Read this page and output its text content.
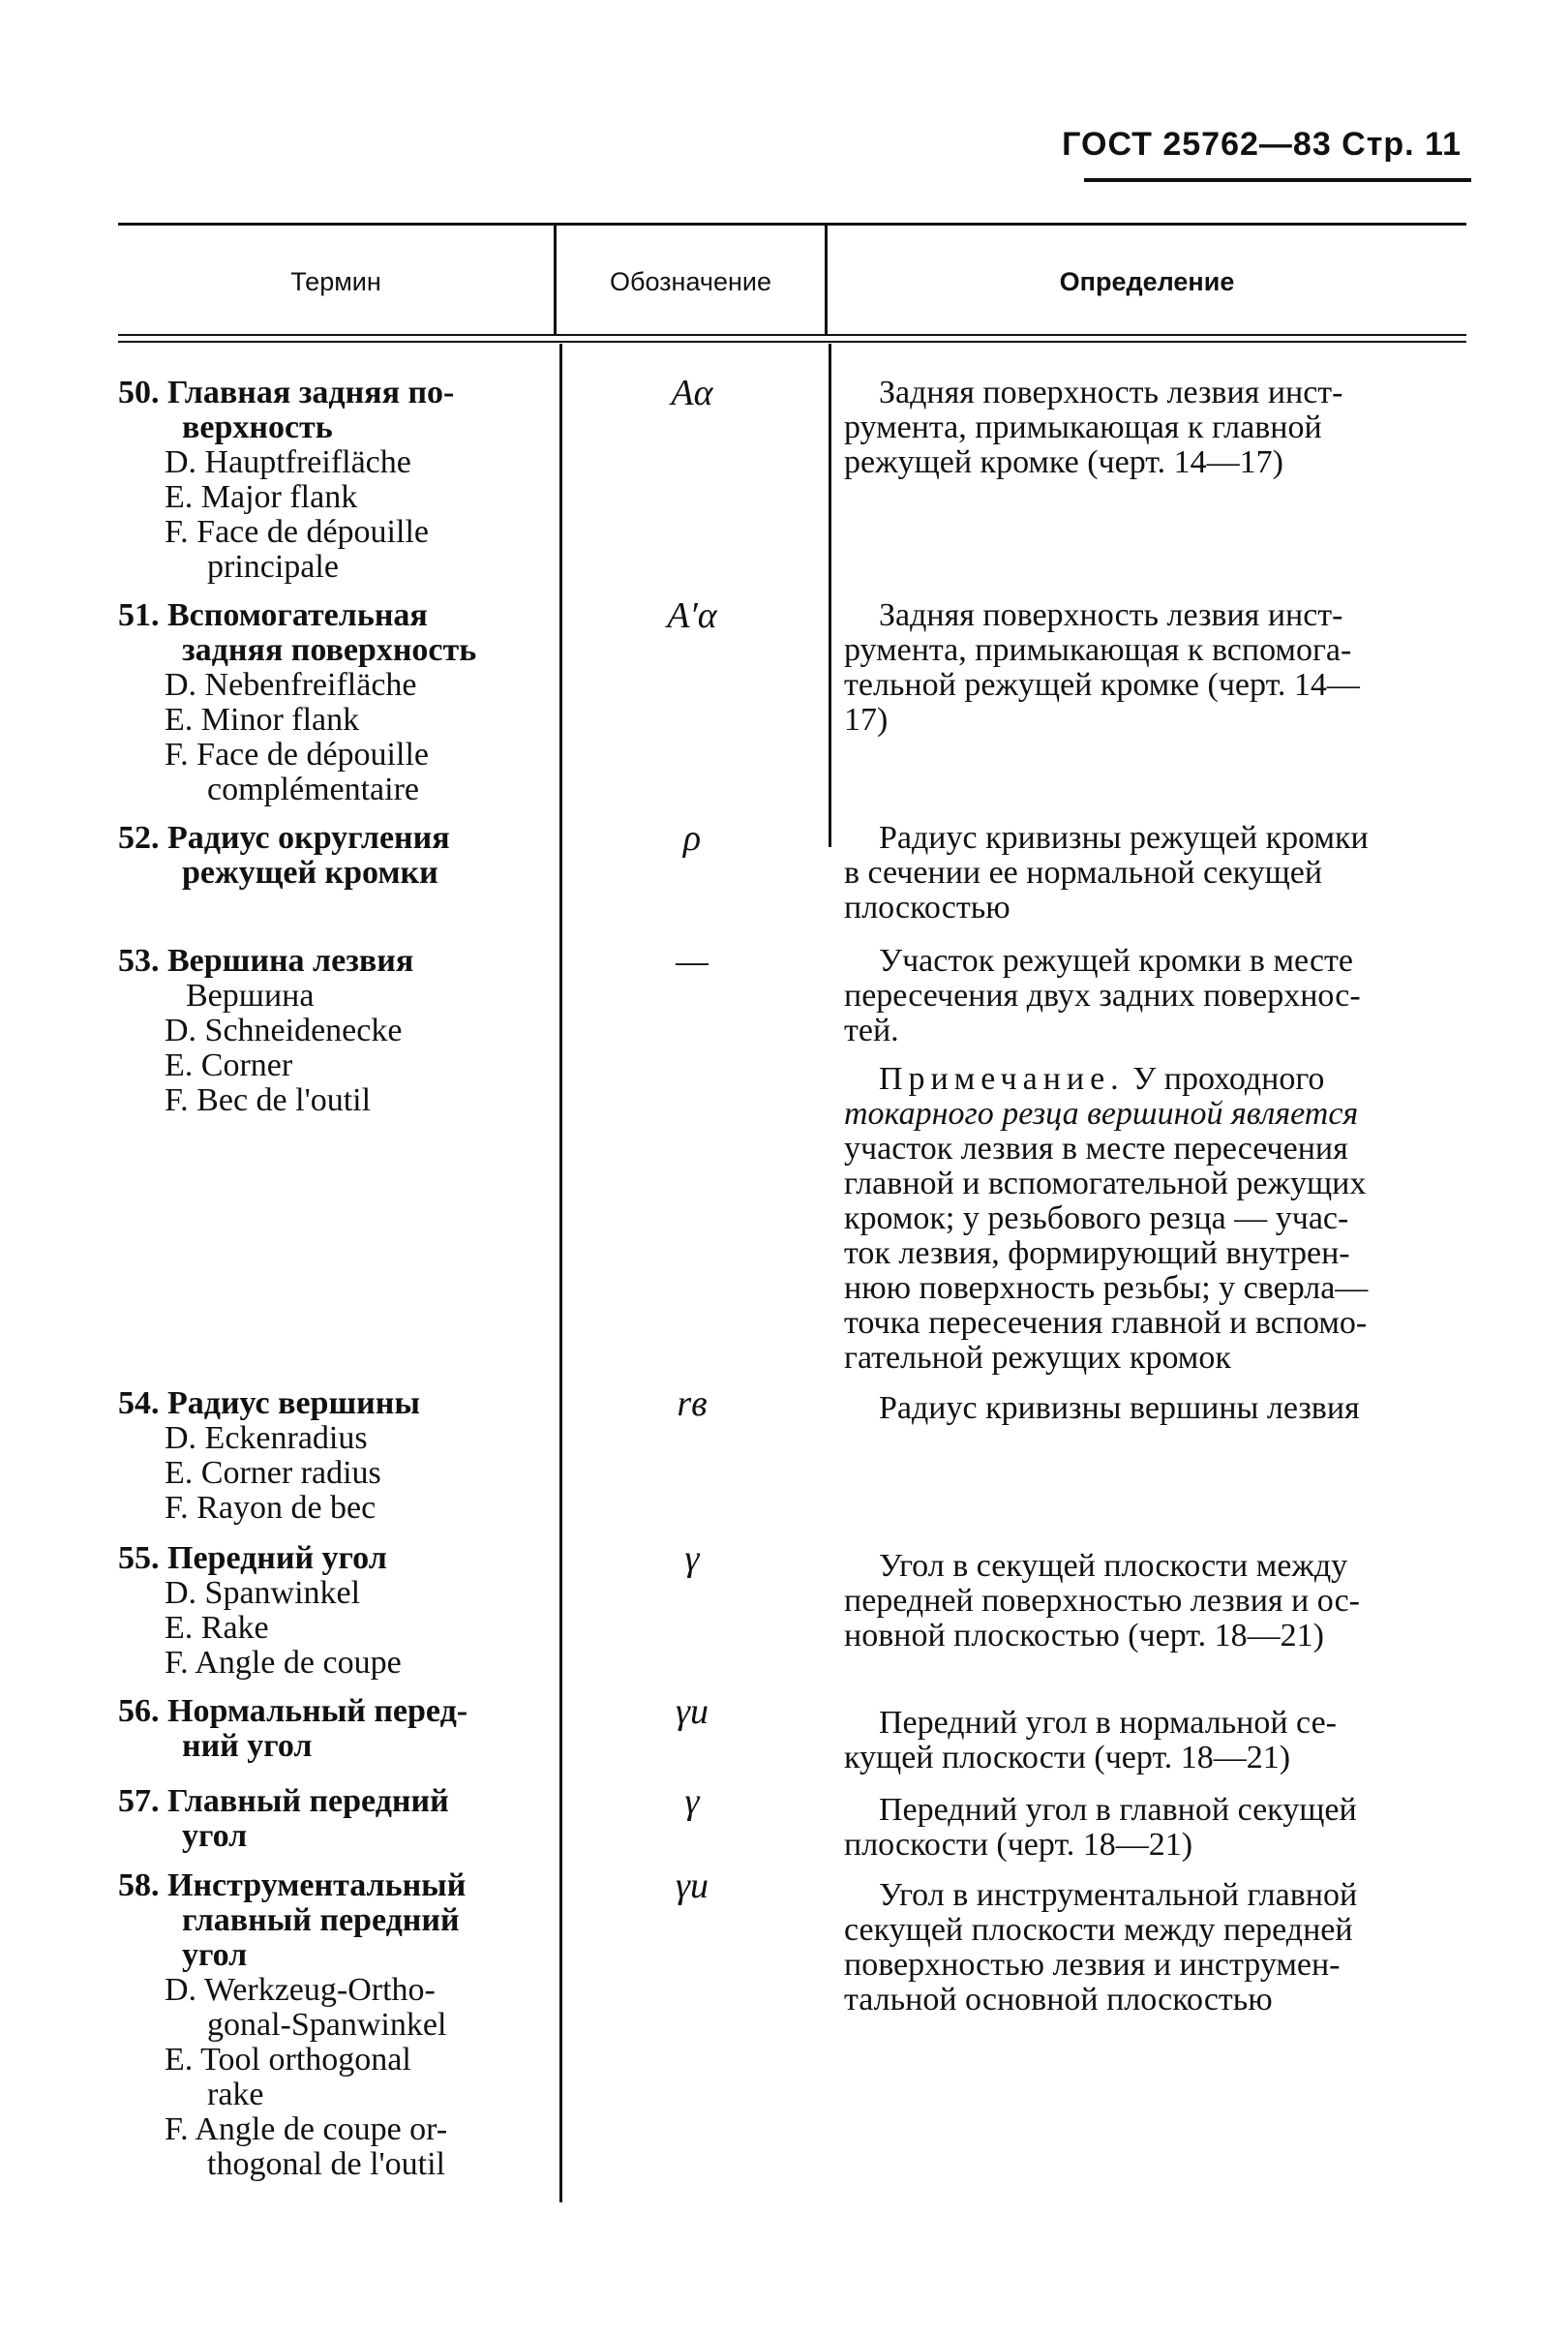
ГОСТ 25762—83 Стр. 11
Термин	Обозначение	Определение
50. Главная задняя по-
верхность
D. Hauptfreifläche
E. Major flank
F. Face de dépouille
principale
Aα	Задняя поверхность лезвия инст-
румента, примыкающая к главной
режущей кромке (черт. 14—17)
51. Вспомогательная
задняя поверхность
D. Nebenfreifläche
E. Minor flank
F. Face de dépouille
complémentaire
A′α	Задняя поверхность лезвия инст-
румента, примыкающая к вспомога-
тельной режущей кромке (черт. 14—
17)
52. Радиус округления
режущей кромки
ρ	Радиус кривизны режущей кромки
в сечении ее нормальной секущей
плоскостью
53. Вершина лезвия
Вершина
D. Schneidenecke
E. Corner
F. Bec de l'outil
—	Участок режущей кромки в месте
пересечения двух задних поверхнос-
тей.
Примечание. У проходного
токарного резца вершиной является
участок лезвия в месте пересечения
главной и вспомогательной режущих
кромок; у резьбового резца — учас-
ток лезвия, формирующий внутрен-
нюю поверхность резьбы; у сверла—
точка пересечения главной и вспомо-
гательной режущих кромок
54. Радиус вершины
D. Eckenradius
E. Corner radius
F. Rayon de bec
rв	Радиус кривизны вершины лезвия
55. Передний угол
D. Spanwinkel
E. Rake
F. Angle de coupe
γ	Угол в секущей плоскости между
передней поверхностью лезвия и ос-
новной плоскостью (черт. 18—21)
56. Нормальный перед-
ний угол
γи	Передний угол в нормальной се-
кущей плоскости (черт. 18—21)
57. Главный передний
угол
γ	Передний угол в главной секущей
плоскости (черт. 18—21)
58. Инструментальный
главный передний
угол
D. Werkzeug-Ortho-
gonal-Spanwinkel
E. Tool orthogonal
rake
F. Angle de coupe or-
thogonal de l'outil
γи	Угол в инструментальной главной
секущей плоскости между передней
поверхностью лезвия и инструмен-
тальной основной плоскостью
